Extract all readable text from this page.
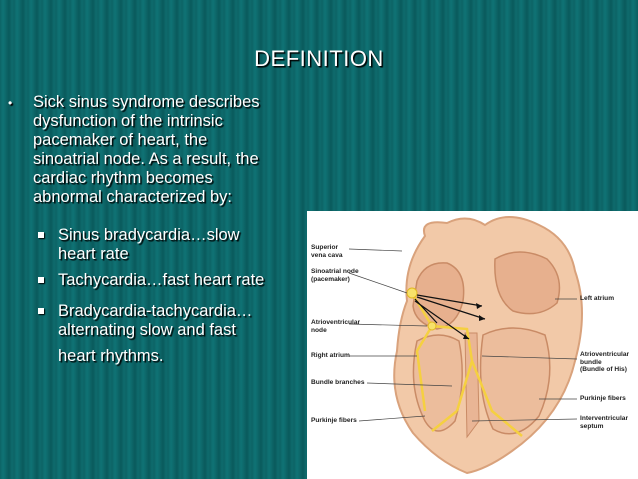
DEFINITION
• Sick sinus syndrome describes
dysfunction of the intrinsic
pacemaker of heart, the
sinoatrial node. As a result, the
cardiac rhythm becomes
abnormal characterized by:
Sinus bradycardia…slow
heart rate
Tachycardia…fast heart rate
Bradycardia-tachycardia…
alternating slow and fast
heart rhythms.
Superior
vena cava
Sinoatrial node
(pacemaker)
Atrioventricular
node
Right atrium
Bundle branches
Purkinje fibers
Left atrium
Atrioventricular
bundle
(Bundle of His)
Purkinje fibers
Interventricular
septum
